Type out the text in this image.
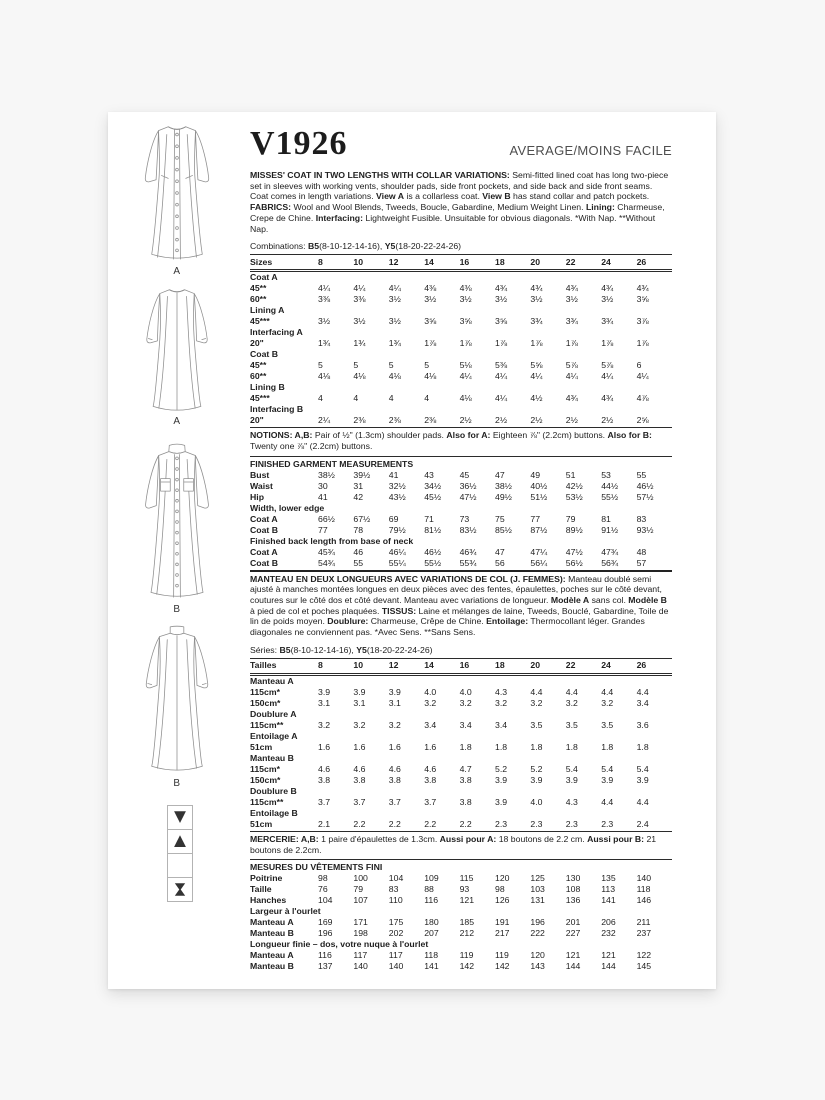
A
A
B
B
V1926	AVERAGE/MOINS FACILE
MISSES' COAT IN TWO LENGTHS WITH COLLAR VARIATIONS: Semi-fitted lined coat has long two-piece set in sleeves with working vents, shoulder pads, side front pockets, and side back and side front seams. Coat comes in length variations. View A is a collarless coat. View B has stand collar and patch pockets. FABRICS: Wool and Wool Blends, Tweeds, Boucle, Gabardine, Medium Weight Linen. Lining: Charmeuse, Crepe de Chine. Interfacing: Lightweight Fusible. Unsuitable for obvious diagonals. *With Nap. **Without Nap.
Combinations: B5(8-10-12-14-16), Y5(18-20-22-24-26)
Sizes	8	10	12	14	16	18	20	22	24	26
Coat A
45**	4¼	4¼	4¼	4⅜	4⅜	4¾	4¾	4¾	4¾	4¾
60**	3⅜	3⅜	3½	3½	3½	3½	3½	3½	3½	3⅝
Lining A
45***	3½	3½	3½	3⅝	3⅝	3⅝	3¾	3¾	3¾	3⅞
Interfacing A
20"	1¾	1¾	1¾	1⅞	1⅞	1⅞	1⅞	1⅞	1⅞	1⅞
Coat B
45**	5	5	5	5	5⅛	5⅜	5⅝	5⅞	5⅞	6
60**	4⅛	4⅛	4⅛	4⅛	4¼	4¼	4¼	4¼	4¼	4¼
Lining B
45***	4	4	4	4	4⅛	4¼	4½	4¾	4¾	4⅞
Interfacing B
20"	2¼	2⅜	2⅜	2⅜	2½	2½	2½	2½	2½	2⅝
NOTIONS: A,B: Pair of ½" (1.3cm) shoulder pads. Also for A: Eighteen ⅞" (2.2cm) buttons. Also for B: Twenty one ⅞" (2.2cm) buttons.
FINISHED GARMENT MEASUREMENTS
Bust	38½	39½	41	43	45	47	49	51	53	55
Waist	30	31	32½	34½	36½	38½	40½	42½	44½	46½
Hip	41	42	43½	45½	47½	49½	51½	53½	55½	57½
Width, lower edge
Coat A	66½	67½	69	71	73	75	77	79	81	83
Coat B	77	78	79½	81½	83½	85½	87½	89½	91½	93½
Finished back length from base of neck
Coat A	45¾	46	46¼	46½	46¾	47	47¼	47½	47¾	48
Coat B	54¾	55	55¼	55½	55¾	56	56¼	56½	56¾	57
MANTEAU EN DEUX LONGUEURS AVEC VARIATIONS DE COL (J. FEMMES): Manteau doublé semi ajusté à manches montées longues en deux pièces avec des fentes, épaulettes, poches sur le côté devant, coutures sur le côté dos et côté devant. Manteau avec variations de longueur. Modèle A sans col. Modèle B à pied de col et poches plaquées. TISSUS: Laine et mélanges de laine, Tweeds, Bouclé, Gabardine, Toile de lin de poids moyen. Doublure: Charmeuse, Crêpe de Chine. Entoilage: Thermocollant léger. Grandes diagonales ne conviennent pas. *Avec Sens. **Sans Sens.
Séries: B5(8-10-12-14-16), Y5(18-20-22-24-26)
Tailles	8	10	12	14	16	18	20	22	24	26
Manteau A
115cm*	3.9	3.9	3.9	4.0	4.0	4.3	4.4	4.4	4.4	4.4
150cm*	3.1	3.1	3.1	3.2	3.2	3.2	3.2	3.2	3.2	3.4
Doublure A
115cm**	3.2	3.2	3.2	3.4	3.4	3.4	3.5	3.5	3.5	3.6
Entoilage A
51cm	1.6	1.6	1.6	1.6	1.8	1.8	1.8	1.8	1.8	1.8
Manteau B
115cm*	4.6	4.6	4.6	4.6	4.7	5.2	5.2	5.4	5.4	5.4
150cm*	3.8	3.8	3.8	3.8	3.8	3.9	3.9	3.9	3.9	3.9
Doublure B
115cm**	3.7	3.7	3.7	3.7	3.8	3.9	4.0	4.3	4.4	4.4
Entoilage B
51cm	2.1	2.2	2.2	2.2	2.2	2.3	2.3	2.3	2.3	2.4
MERCERIE: A,B: 1 paire d'épaulettes de 1.3cm. Aussi pour A: 18 boutons de 2.2 cm. Aussi pour B: 21 boutons de 2.2cm.
MESURES DU VÊTEMENTS FINI
Poitrine	98	100	104	109	115	120	125	130	135	140
Taille	76	79	83	88	93	98	103	108	113	118
Hanches	104	107	110	116	121	126	131	136	141	146
Largeur à l'ourlet
Manteau A	169	171	175	180	185	191	196	201	206	211
Manteau B	196	198	202	207	212	217	222	227	232	237
Longueur finie – dos, votre nuque à l'ourlet
Manteau A	116	117	117	118	119	119	120	121	121	122
Manteau B	137	140	140	141	142	142	143	144	144	145
